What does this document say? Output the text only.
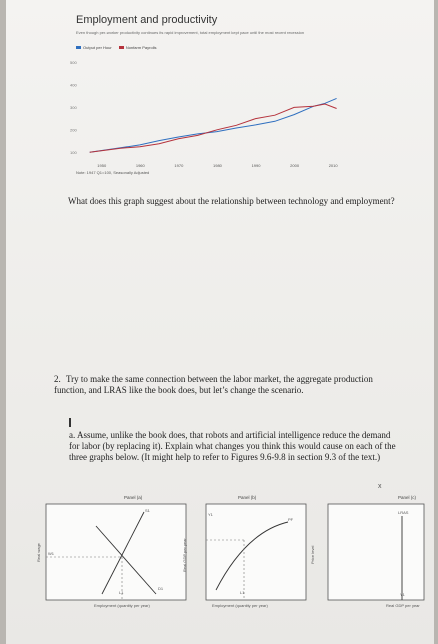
Employment and productivity
Even though per-worker productivity continues its rapid improvement, total employment kept pace until the most recent recession
Output per Hour	Nonfarm Payrolls
500
400
300
200
100
1950	1960	1970	1980	1990	2000	2010
Note: 1947 Q1=100, Seasonally Adjusted
What does this graph suggest about the relationship between technology and employment?
2. Try to make the same connection between the labor market, the aggregate production function, and LRAS like the book does, but let’s change the scenario.
a. Assume, unlike the book does, that robots and artificial intelligence reduce the demand for labor (by replacing it). Explain what changes you think this would cause on each of the three graphs below. (It might help to refer to Figures 9.6-9.8 in section 9.3 of the text.)
x
Panel (a)
Real wage
S1
D1
W1
L1
Employment (quantity per year)
Panel (b)
Real GDP per year
PF
Y1
L1
Employment (quantity per year)
Panel (c)
Price level
LRAS
Y1
Real GDP per year
